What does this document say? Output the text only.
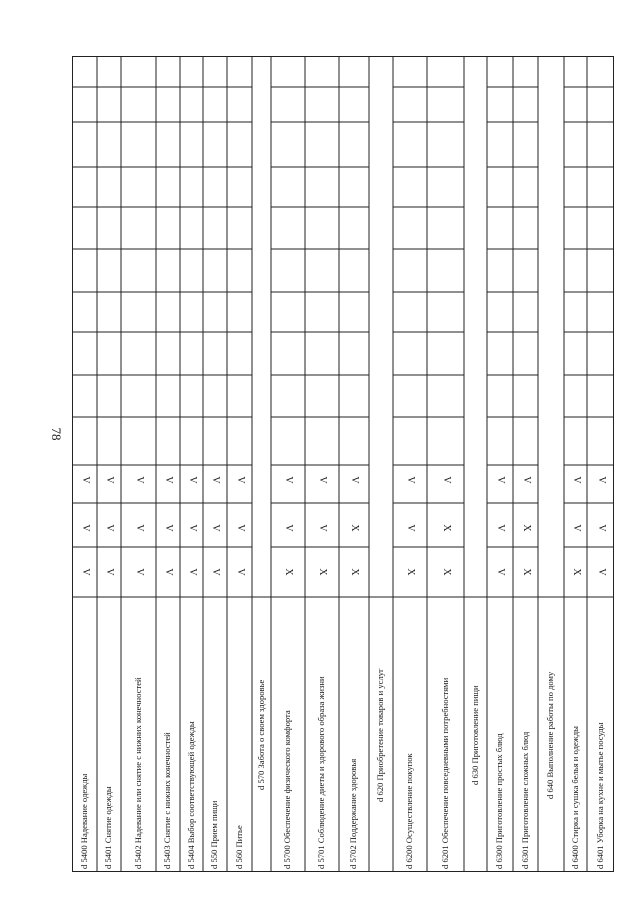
78
d 5400 Надевание одежды
V
V
V
d 5401 Снятие одежды
V
V
V
d 5402 Надевание или снятие с нижних конечностей
V
V
V
d 5403 Снятие с нижних конечностей
V
V
V
d 5404 Выбор соответствующей одежды
V
V
V
d 550 Прием пищи
V
V
V
d 560 Питье
V
V
V
d 570 Забота о своем здоровье d 5700 Обеспечение физического комфорта
X
V
V
d 5701 Соблюдение диеты и здорового образа жизни
X
V
V
d 5702 Поддержание здоровья
X
X
V
d 620 Приобретение товаров и услуг
d 6200 Осуществление покупок
X
V
V
d 6201 Обеспечение повседневными потребностями
X
X
V
d 630 Приготовление пищи d 6300 Приготовление простых блюд
V
V
V
d 6301 Приготовление сложных блюд
X
X
V
d 640 Выполнение работы по дому d 6400 Стирка и сушка белья и одежды
X
V
V
d 6401 Уборка на кухне и мытье посуды
V
V
V
